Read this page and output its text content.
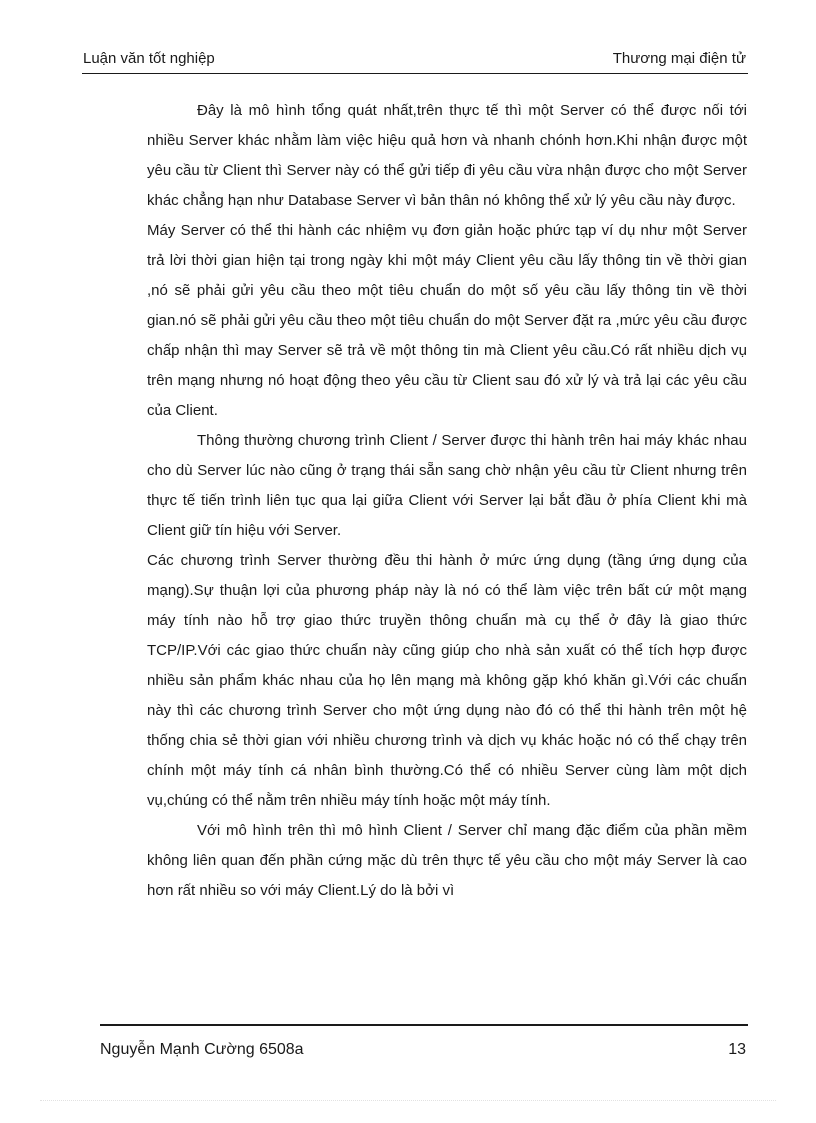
Luận văn tốt nghiệp	Thương mại điện tử

Đây là mô hình tổng quát nhất,trên thực tế thì một Server có thể được nối tới nhiều Server khác nhằm làm việc hiệu quả hơn và nhanh chónh hơn.Khi nhận được một yêu cầu từ Client thì Server này có thể gửi tiếp đi yêu cầu vừa nhận được cho một Server khác chẳng hạn như Database Server vì bản thân nó không thể xử lý yêu cầu này được.

Máy Server có thể thi hành các nhiệm vụ đơn giản hoặc phức tạp ví dụ như một Server trả lời thời gian hiện tại trong ngày khi một máy Client yêu cầu lấy thông tin về thời gian ,nó sẽ phải gửi yêu cầu theo một tiêu chuẩn do một số yêu cầu lấy thông tin về thời gian.nó sẽ phải gửi yêu cầu theo một tiêu chuẩn do một Server đặt ra ,mức yêu cầu được chấp nhận thì may Server sẽ trả về một thông tin mà Client yêu cầu.Có rất nhiều dịch vụ trên mạng nhưng nó hoạt động theo yêu cầu từ Client sau đó xử lý và trả lại các yêu cầu của Client.

Thông thường chương trình Client / Server được thi hành trên hai máy khác nhau cho dù Server lúc nào cũng ở trạng thái sẵn sang chờ nhận yêu cầu từ Client nhưng trên thực tế tiến trình liên tục qua lại giữa Client với Server lại bắt đầu ở phía Client khi mà Client giữ tín hiệu với Server.

Các chương trình Server thường đều thi hành ở mức ứng dụng (tầng ứng dụng của mạng).Sự thuận lợi của phương pháp này là nó có thể làm việc trên bất cứ một mạng máy tính nào hỗ trợ giao thức truyền thông chuẩn mà cụ thể ở đây là giao thức TCP/IP.Với các giao thức chuẩn này cũng giúp cho nhà sản xuất có thể tích hợp được nhiều sản phẩm khác nhau của họ lên mạng mà không gặp khó khăn gì.Với các chuẩn này thì các chương trình Server cho một ứng dụng nào đó có thể thi hành trên một hệ thống chia sẻ thời gian với nhiều chương trình và dịch vụ khác hoặc nó có thể chạy trên chính một máy tính cá nhân bình thường.Có thể có nhiều Server cùng làm một dịch vụ,chúng có thể nằm trên nhiều máy tính hoặc một máy tính.

Với mô hình trên thì mô hình Client / Server chỉ mang đặc điểm của phần mềm không liên quan đến phần cứng mặc dù trên thực tế yêu cầu cho một máy Server là cao hơn rất nhiều so với máy Client.Lý do là bởi vì

Nguyễn Mạnh Cường 6508a	13
